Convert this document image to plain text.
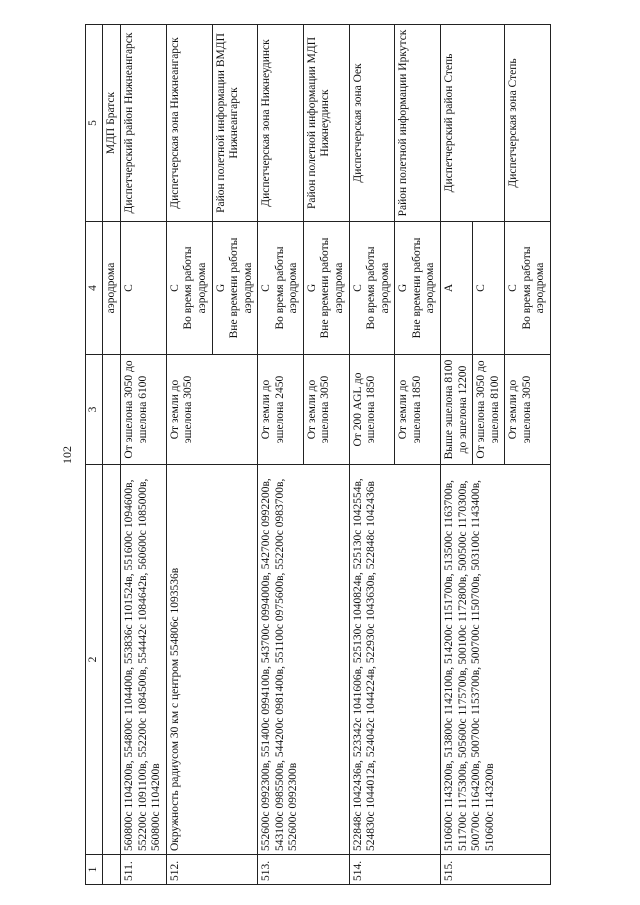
102
1	2	3	4	5
			аэродрома	МДП Братск
511.	560800с 1104200в, 554800с 1104400в, 553836с 1101524в, 551600с 1094600в, 552200с 1091100в, 552200с 1084500в, 554442с 1084642в, 560600с 1085000в, 560800с 1104200в	От эшелона 3050 до эшелона 6100	C	Диспетчерский район Нижнеангарск
512.	Окружность радиусом 30 км с центром 554806с 1093536в	От земли до эшелона 3050	C Во время работы аэродрома	Диспетчерская зона Нижнеангарск

			G Вне времени работы аэродрома	Район полетной информации ВМДП Нижнеангарск
513.	552600с 0992300в, 551400с 0994100в, 543700с 0994000в, 542700с 0992200в, 543100с 0985500в, 544200с 0981400в, 551100с 0975600в, 552200с 0983700в, 552600с 0992300в	От земли до эшелона 2450	C Во время работы аэродрома	Диспетчерская зона Нижнеудинск
		От земли до эшелона 3050	G Вне времени работы аэродрома	Район полетной информации МДП Нижнеудинск
514.	522848с 1042436в, 523342с 1041606в, 525130с 1040824в, 525130с 1042554в, 524830с 1044012в, 524042с 1044224в, 522930с 1043630в, 522848с 1042436в	От 200 AGL до эшелона 1850	C Во время работы аэродрома	Диспетчерская зона Оек
		От земли до эшелона 1850	G Вне времени работы аэродрома	Район полетной информации Иркутск
515.	510600с 1143200в, 513800с 1142100в, 514200с 1151700в, 513500с 1163700в, 511700с 1175300в, 505600с 1175700в, 500100с 1172800в, 500500с 1170300в, 500700с 1164200в, 500700с 1153700в, 500700с 1150700в, 503100с 1143400в, 510600с 1143200в	Выше эшелона 8100 до эшелона 12200	A	Диспетчерский район Степь
		От эшелона 3050 до эшелона 8100	C	
		От земли до эшелона 3050	C Во время работы аэродрома	Диспетчерская зона Степь
